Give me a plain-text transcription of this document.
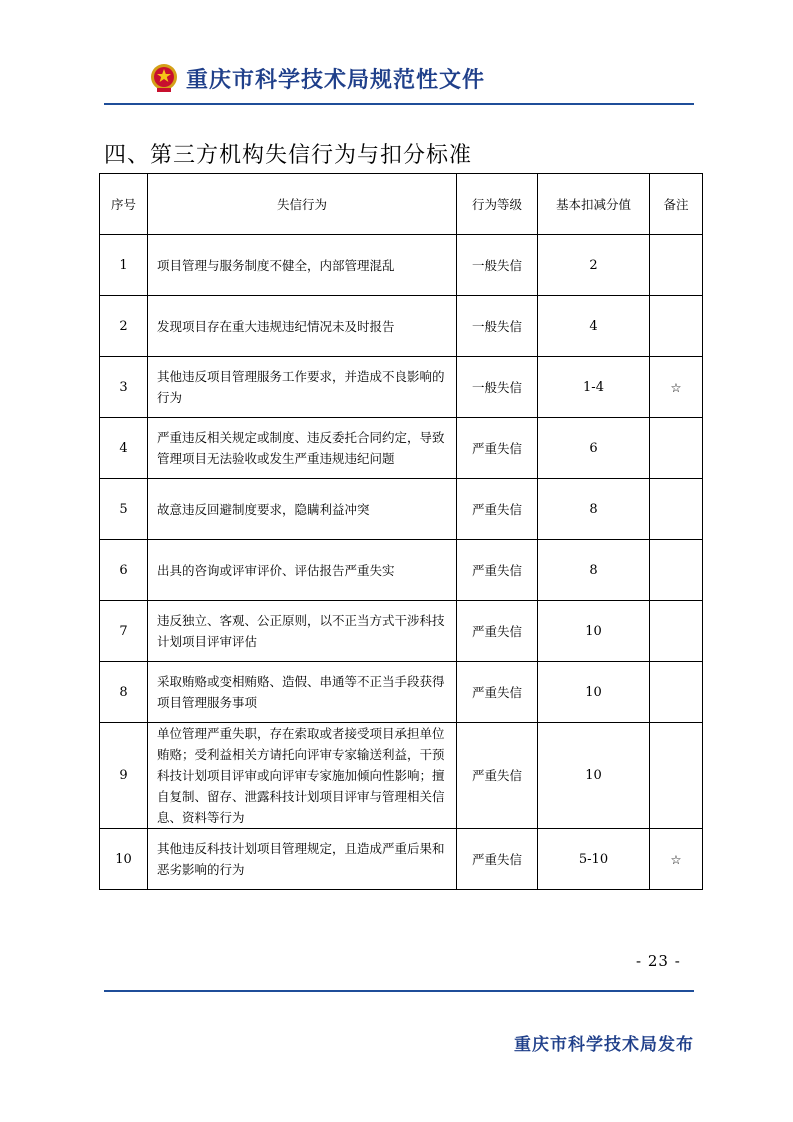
重庆市科学技术局规范性文件
四、第三方机构失信行为与扣分标准
序号	失信行为	行为等级	基本扣减分值	备注
1	项目管理与服务制度不健全，内部管理混乱	一般失信	2	
2	发现项目存在重大违规违纪情况未及时报告	一般失信	4	
3	其他违反项目管理服务工作要求，并造成不良影响的行为	一般失信	1-4	☆
4	严重违反相关规定或制度、违反委托合同约定，导致管理项目无法验收或发生严重违规违纪问题	严重失信	6	
5	故意违反回避制度要求，隐瞒利益冲突	严重失信	8	
6	出具的咨询或评审评价、评估报告严重失实	严重失信	8	
7	违反独立、客观、公正原则，以不正当方式干涉科技计划项目评审评估	严重失信	10	
8	采取贿赂或变相贿赂、造假、串通等不正当手段获得项目管理服务事项	严重失信	10	
9	单位管理严重失职，存在索取或者接受项目承担单位贿赂；受利益相关方请托向评审专家输送利益，干预科技计划项目评审或向评审专家施加倾向性影响；擅自复制、留存、泄露科技计划项目评审与管理相关信息、资料等行为	严重失信	10	
10	其他违反科技计划项目管理规定，且造成严重后果和恶劣影响的行为	严重失信	5-10	☆
- 23 -
重庆市科学技术局发布
